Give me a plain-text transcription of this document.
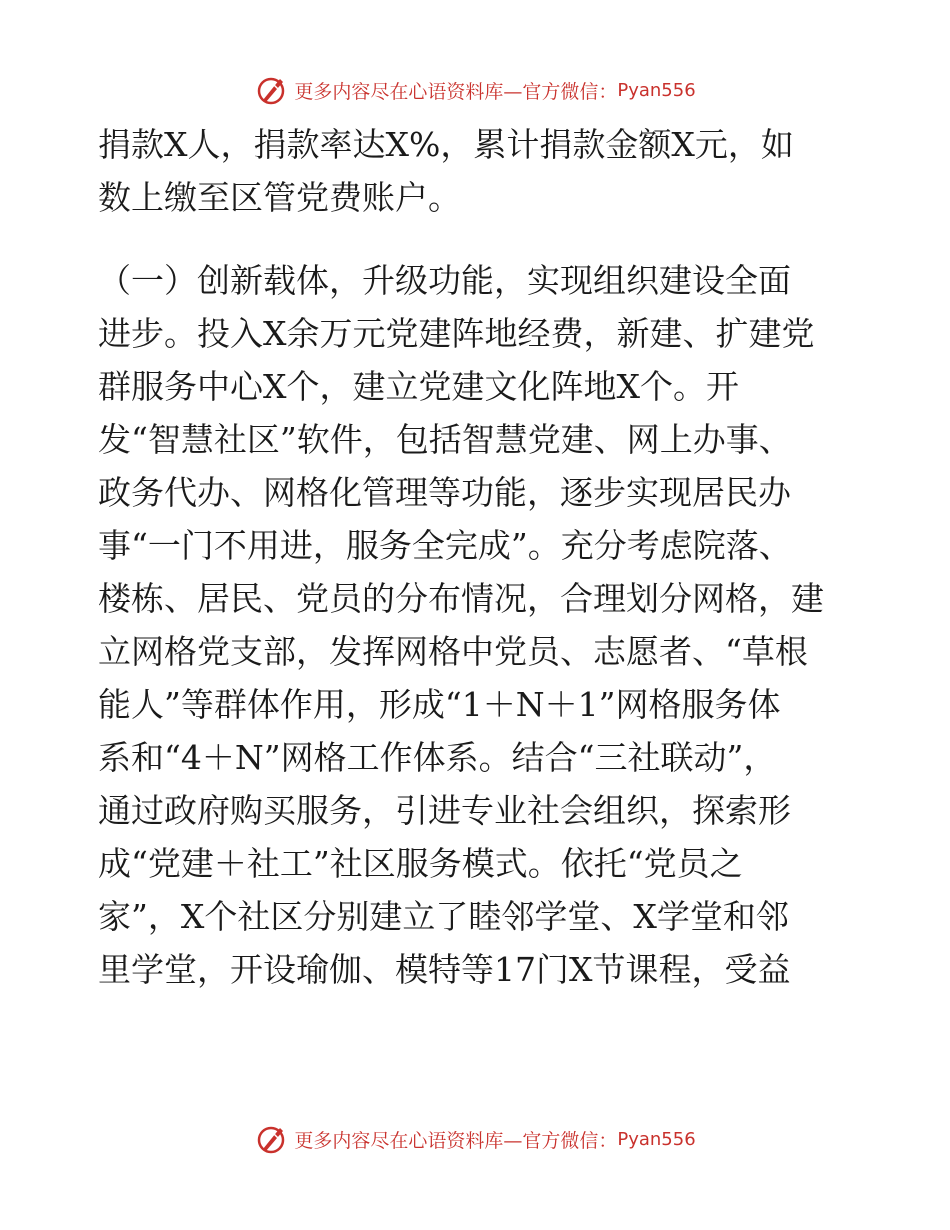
更多内容尽在心语资料库—官方微信： Pyan556
捐款X人，捐款率达X%，累计捐款金额X元，如
数上缴至区管党费账户。
（一）创新载体，升级功能，实现组织建设全面
进步。投入X余万元党建阵地经费，新建、扩建党
群服务中心X个，建立党建文化阵地X个。开
发“智慧社区”软件，包括智慧党建、网上办事、
政务代办、网格化管理等功能，逐步实现居民办
事“一门不用进，服务全完成”。充分考虑院落、
楼栋、居民、党员的分布情况，合理划分网格，建
立网格党支部，发挥网格中党员、志愿者、“草根
能人”等群体作用，形成“1＋N＋1”网格服务体
系和“4＋N”网格工作体系。结合“三社联动”，
通过政府购买服务，引进专业社会组织，探索形
成“党建＋社工”社区服务模式。依托“党员之
家”，X个社区分别建立了睦邻学堂、X学堂和邻
里学堂，开设瑜伽、模特等17门X节课程，受益
更多内容尽在心语资料库—官方微信： Pyan556
